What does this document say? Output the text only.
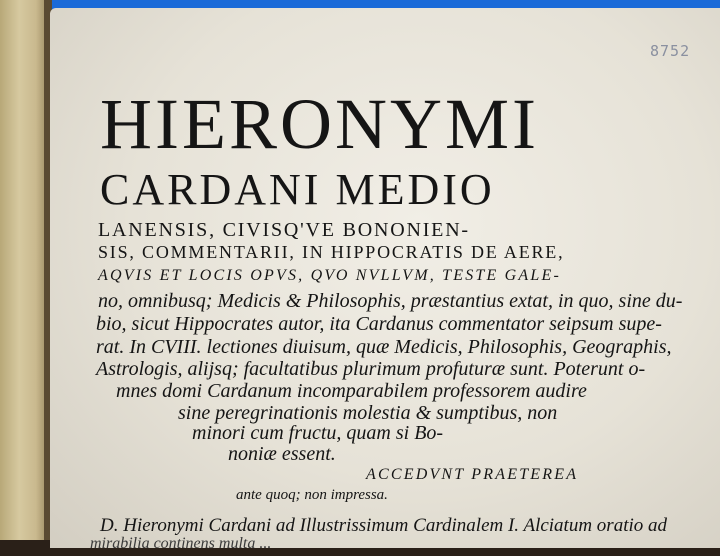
8752
HIERONYMI
CARDANI MEDIO
LANENSIS, CIVISQ'VE BONONIEN-
SIS, COMMENTARII, IN HIPPOCRATIS DE AERE,
AQVIS ET LOCIS OPVS, QVO NVLLVM, TESTE GALE-
no, omnibusq; Medicis & Philosophis, præstantius extat, in quo, sine du-
bio, sicut Hippocrates autor, ita Cardanus commentator seipsum supe-
rat. In CVIII. lectiones diuisum, quæ Medicis, Philosophis, Geographis,
Astrologis, alijsq; facultatibus plurimum profuturæ sunt. Poterunt o-
mnes domi Cardanum incomparabilem professorem audire
sine peregrinationis molestia & sumptibus, non
minori cum fructu, quam si Bo-
noniæ essent.
ACCEDVNT PRAETEREA
ante quoq; non impressa.
D. Hieronymi Cardani ad Illustrissimum Cardinalem I. Alciatum oratio ad
mirabilia continens multa ...
